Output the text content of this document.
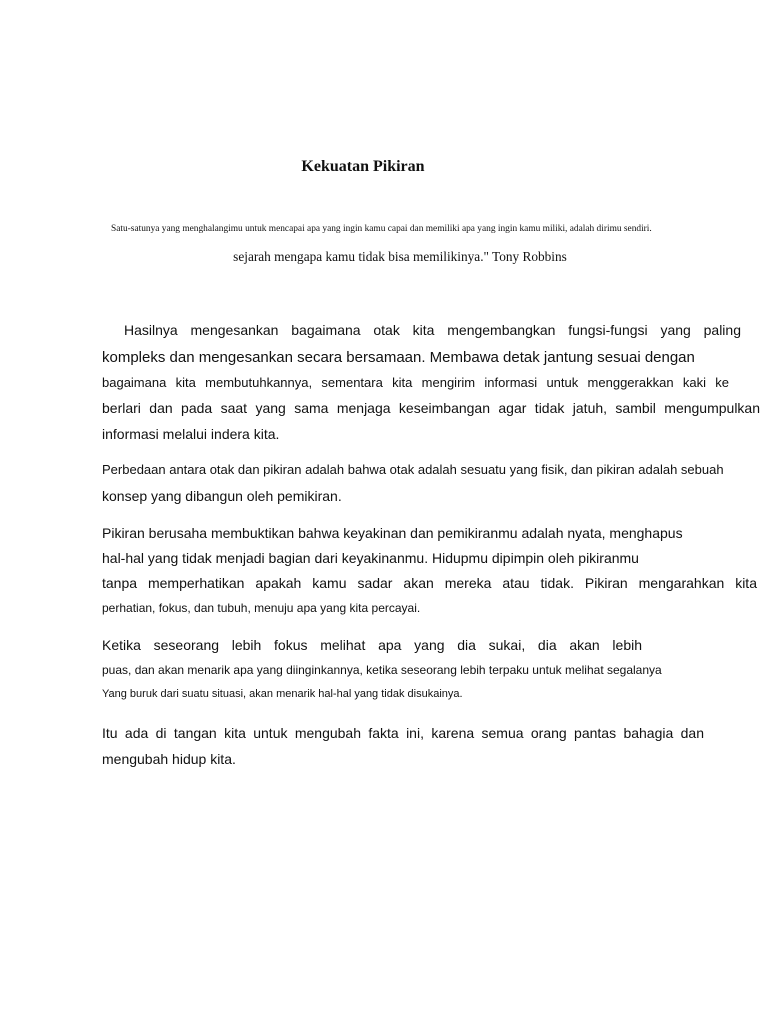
Kekuatan Pikiran

Satu-satunya yang menghalangimu untuk mencapai apa yang ingin kamu capai dan memiliki apa yang ingin kamu miliki, adalah dirimu sendiri.

sejarah mengapa kamu tidak bisa memilikinya." Tony Robbins

Hasilnya mengesankan bagaimana otak kita mengembangkan fungsi-fungsi yang paling

kompleks dan mengesankan secara bersamaan. Membawa detak jantung sesuai dengan

bagaimana kita membutuhkannya, sementara kita mengirim informasi untuk menggerakkan kaki ke

berlari dan pada saat yang sama menjaga keseimbangan agar tidak jatuh, sambil mengumpulkan

informasi melalui indera kita.

Perbedaan antara otak dan pikiran adalah bahwa otak adalah sesuatu yang fisik, dan pikiran adalah sebuah

konsep yang dibangun oleh pemikiran.

Pikiran berusaha membuktikan bahwa keyakinan dan pemikiranmu adalah nyata, menghapus

hal-hal yang tidak menjadi bagian dari keyakinanmu. Hidupmu dipimpin oleh pikiranmu

tanpa memperhatikan apakah kamu sadar akan mereka atau tidak. Pikiran mengarahkan kita

perhatian, fokus, dan tubuh, menuju apa yang kita percayai.

Ketika seseorang lebih fokus melihat apa yang dia sukai, dia akan lebih

puas, dan akan menarik apa yang diinginkannya, ketika seseorang lebih terpaku untuk melihat segalanya

Yang buruk dari suatu situasi, akan menarik hal-hal yang tidak disukainya.

Itu ada di tangan kita untuk mengubah fakta ini, karena semua orang pantas bahagia dan

mengubah hidup kita.
